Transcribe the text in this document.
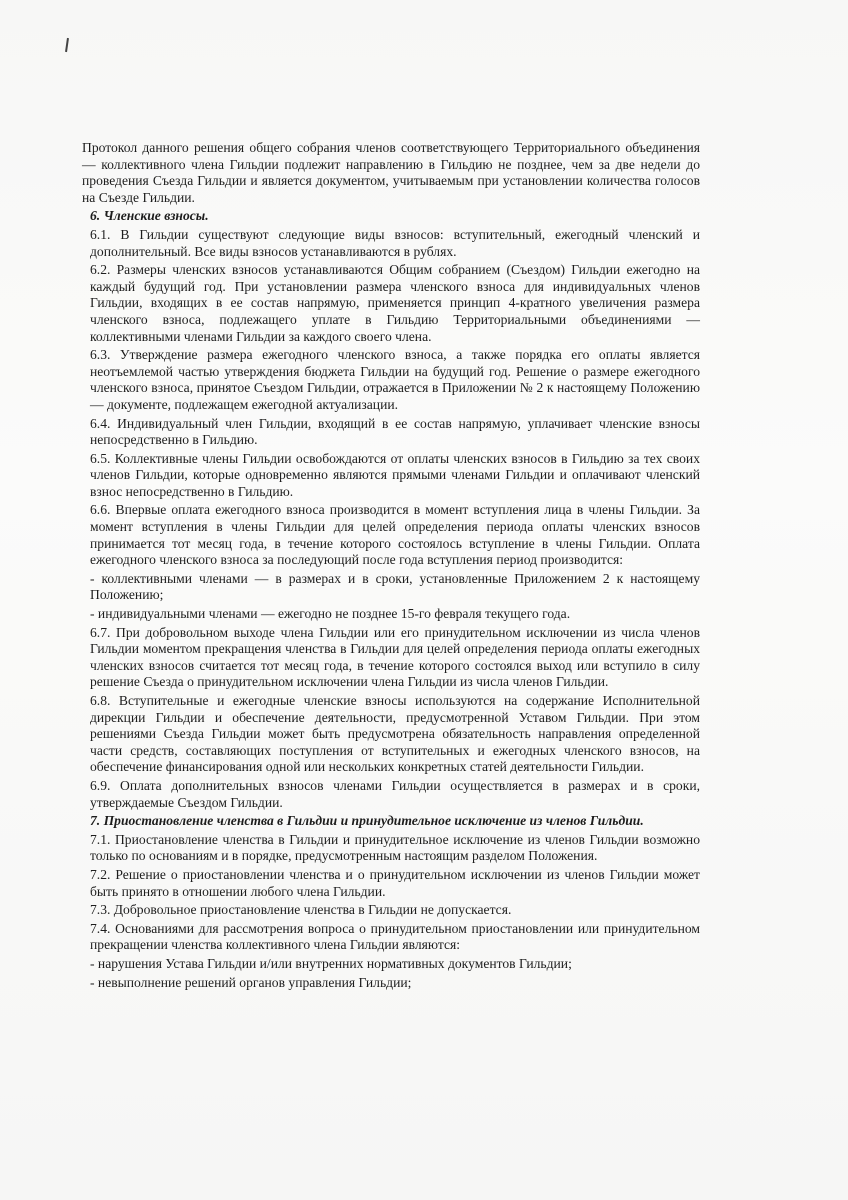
Протокол данного решения общего собрания членов соответствующего Территориального объединения — коллективного члена Гильдии подлежит направлению в Гильдию не позднее, чем за две недели до проведения Съезда Гильдии и является документом, учитываемым при установлении количества голосов на Съезде Гильдии.

6. Членские взносы.

6.1. В Гильдии существуют следующие виды взносов: вступительный, ежегодный членский и дополнительный. Все виды взносов устанавливаются в рублях.

6.2. Размеры членских взносов устанавливаются Общим собранием (Съездом) Гильдии ежегодно на каждый будущий год. При установлении размера членского взноса для индивидуальных членов Гильдии, входящих в ее состав напрямую, применяется принцип 4-кратного увеличения размера членского взноса, подлежащего уплате в Гильдию Территориальными объединениями — коллективными членами Гильдии за каждого своего члена.

6.3. Утверждение размера ежегодного членского взноса, а также порядка его оплаты является неотъемлемой частью утверждения бюджета Гильдии на будущий год. Решение о размере ежегодного членского взноса, принятое Съездом Гильдии, отражается в Приложении № 2 к настоящему Положению — документе, подлежащем ежегодной актуализации.

6.4. Индивидуальный член Гильдии, входящий в ее состав напрямую, уплачивает членские взносы непосредственно в Гильдию.

6.5. Коллективные члены Гильдии освобождаются от оплаты членских взносов в Гильдию за тех своих членов Гильдии, которые одновременно являются прямыми членами Гильдии и оплачивают членский взнос непосредственно в Гильдию.

6.6. Впервые оплата ежегодного взноса производится в момент вступления лица в члены Гильдии. За момент вступления в члены Гильдии для целей определения периода оплаты членских взносов принимается тот месяц года, в течение которого состоялось вступление в члены Гильдии. Оплата ежегодного членского взноса за последующий после года вступления период производится:

- коллективными членами — в размерах и в сроки, установленные Приложением 2 к настоящему Положению;

- индивидуальными членами — ежегодно не позднее 15-го февраля текущего года.

6.7. При добровольном выходе члена Гильдии или его принудительном исключении из числа членов Гильдии моментом прекращения членства в Гильдии для целей определения периода оплаты ежегодных членских взносов считается тот месяц года, в течение которого состоялся выход или вступило в силу решение Съезда о принудительном исключении члена Гильдии из числа членов Гильдии.

6.8. Вступительные и ежегодные членские взносы используются на содержание Исполнительной дирекции Гильдии и обеспечение деятельности, предусмотренной Уставом Гильдии. При этом решениями Съезда Гильдии может быть предусмотрена обязательность направления определенной части средств, составляющих поступления от вступительных и ежегодных членского взносов, на обеспечение финансирования одной или нескольких конкретных статей деятельности Гильдии.

6.9. Оплата дополнительных взносов членами Гильдии осуществляется в размерах и в сроки, утверждаемые Съездом Гильдии.

7. Приостановление членства в Гильдии и принудительное исключение из членов Гильдии.

7.1. Приостановление членства в Гильдии и принудительное исключение из членов Гильдии возможно только по основаниям и в порядке, предусмотренным настоящим разделом Положения.

7.2. Решение о приостановлении членства и о принудительном исключении из членов Гильдии может быть принято в отношении любого члена Гильдии.

7.3. Добровольное приостановление членства в Гильдии не допускается.

7.4. Основаниями для рассмотрения вопроса о принудительном приостановлении или принудительном прекращении членства коллективного члена Гильдии являются:

- нарушения Устава Гильдии и/или внутренних нормативных документов Гильдии;

- невыполнение решений органов управления Гильдии;
